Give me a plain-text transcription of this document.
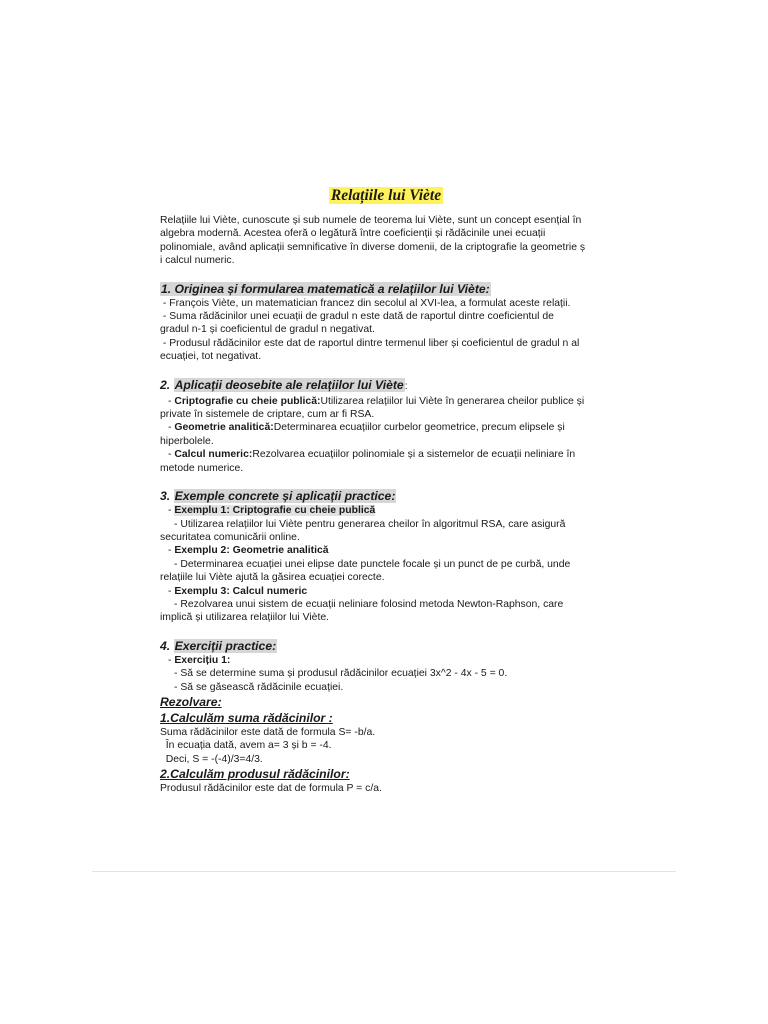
Relațiile lui Viète

Relațiile lui Viète, cunoscute și sub numele de teorema lui Viète, sunt un concept esențial în

algebra modernă. Acestea oferă o legătură între coeficienții și rădăcinile unei ecuații

polinomiale, având aplicații semnificative în diverse domenii, de la criptografie la geometrie ș

i calcul numeric.

1. Originea și formularea matematică a relațiilor lui Viète:

- François Viète, un matematician francez din secolul al XVI-lea, a formulat aceste relații.

- Suma rădăcinilor unei ecuații de gradul n este dată de raportul dintre coeficientul de

gradul n-1 și coeficientul de gradul n negativat.

- Produsul rădăcinilor este dat de raportul dintre termenul liber și coeficientul de gradul n al

ecuației, tot negativat.

2. Aplicații deosebite ale relațiilor lui Viète:

- Criptografie cu cheie publică:Utilizarea relațiilor lui Viète în generarea cheilor publice și

private în sistemele de criptare, cum ar fi RSA.

- Geometrie analitică:Determinarea ecuațiilor curbelor geometrice, precum elipsele și

hiperbolele.

- Calcul numeric:Rezolvarea ecuațiilor polinomiale și a sistemelor de ecuații neliniare în

metode numerice.

3. Exemple concrete și aplicații practice:

- Exemplu 1: Criptografie cu cheie publică

- Utilizarea relațiilor lui Viète pentru generarea cheilor în algoritmul RSA, care asigură

securitatea comunicării online.

- Exemplu 2: Geometrie analitică

- Determinarea ecuației unei elipse date punctele focale și un punct de pe curbă, unde

relațiile lui Viète ajută la găsirea ecuației corecte.

- Exemplu 3: Calcul numeric

- Rezolvarea unui sistem de ecuații neliniare folosind metoda Newton-Raphson, care

implică și utilizarea relațiilor lui Viète.

4. Exerciții practice:

- Exercițiu 1:

- Să se determine suma și produsul rădăcinilor ecuației 3x^2 - 4x - 5 = 0.

- Să se găsească rădăcinile ecuației.

Rezolvare:

1.Calculăm suma rădăcinilor :

Suma rădăcinilor este dată de formula S= -b/a.

În ecuația dată, avem a= 3 și b = -4.

Deci, S = -(-4)/3=4/3.

2.Calculăm produsul rădăcinilor:

Produsul rădăcinilor este dat de formula P = c/a.
